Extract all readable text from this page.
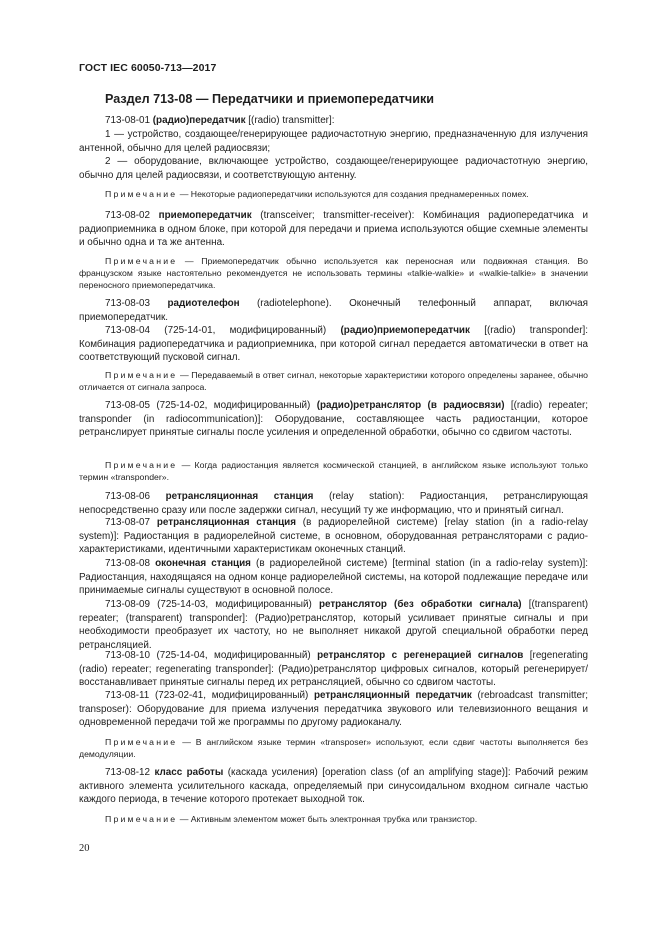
ГОСТ IEC 60050-713—2017
Раздел 713-08 — Передатчики и приемопередатчики
713-08-01 (радио)передатчик [(radio) transmitter]:
1 — устройство, создающее/генерирующее радиочастотную энергию, предназначенную для излучения антенной, обычно для целей радиосвязи;
2 — оборудование, включающее устройство, создающее/генерирующее радиочастотную энергию, обычно для целей радиосвязи, и соответствующую антенну.
Примечание — Некоторые радиопередатчики используются для создания преднамеренных помех.
713-08-02 приемопередатчик (transceiver; transmitter-receiver): Комбинация радиопередатчика и радиоприемника в одном блоке, при которой для передачи и приема используются общие схемные элементы и обычно одна и та же антенна.
Примечание — Приемопередатчик обычно используется как переносная или подвижная станция. Во французском языке настоятельно рекомендуется не использовать термины «talkie-walkie» и «walkie-talkie» в значении переносного приемопередатчика.
713-08-03 радиотелефон (radiotelephone). Оконечный телефонный аппарат, включая приемопередатчик.
713-08-04 (725-14-01, модифицированный) (радио)приемопередатчик [(radio) transponder]: Комбинация радиопередатчика и радиоприемника, при которой сигнал передается автоматически в ответ на соответствующий пусковой сигнал.
Примечание — Передаваемый в ответ сигнал, некоторые характеристики которого определены заранее, обычно отличается от сигнала запроса.
713-08-05 (725-14-02, модифицированный) (радио)ретранслятор (в радиосвязи) [(radio) repeater; transponder (in radiocommunication)]: Оборудование, составляющее часть радиостанции, которое ретранслирует принятые сигналы после усиления и определенной обработки, обычно со сдвигом частоты.
Примечание — Когда радиостанция является космической станцией, в английском языке используют только термин «transponder».
713-08-06 ретрансляционная станция (relay station): Радиостанция, ретранслирующая непосредственно сразу или после задержки сигнал, несущий ту же информацию, что и принятый сигнал.
713-08-07 ретрансляционная станция (в радиорелейной системе) [relay station (in a radio-relay system)]: Радиостанция в радиорелейной системе, в основном, оборудованная ретрансляторами с радио-характеристиками, идентичными характеристикам оконечных станций.
713-08-08 оконечная станция (в радиорелейной системе) [terminal station (in a radio-relay system)]: Радиостанция, находящаяся на одном конце радиорелейной системы, на которой подлежащие передаче или принимаемые сигналы существуют в основной полосе.
713-08-09 (725-14-03, модифицированный) ретранслятор (без обработки сигнала) [(transparent) repeater; (transparent) transponder]: (Радио)ретранслятор, который усиливает принятые сигналы и при необходимости преобразует их частоту, но не выполняет никакой другой специальной обработки перед ретрансляцией.
713-08-10 (725-14-04, модифицированный) ретранслятор с регенерацией сигналов [regenerating (radio) repeater; regenerating transponder]: (Радио)ретранслятор цифровых сигналов, который регенерирует/восстанавливает принятые сигналы перед их ретрансляцией, обычно со сдвигом частоты.
713-08-11 (723-02-41, модифицированный) ретрансляционный передатчик (rebroadcast transmitter; transposer): Оборудование для приема излучения передатчика звукового или телевизионного вещания и одновременной передачи той же программы по другому радиоканалу.
Примечание — В английском языке термин «transposer» используют, если сдвиг частоты выполняется без демодуляции.
713-08-12 класс работы (каскада усиления) [operation class (of an amplifying stage)]: Рабочий режим активного элемента усилительного каскада, определяемый при синусоидальном входном сигнале частью каждого периода, в течение которого протекает выходной ток.
Примечание — Активным элементом может быть электронная трубка или транзистор.
20
